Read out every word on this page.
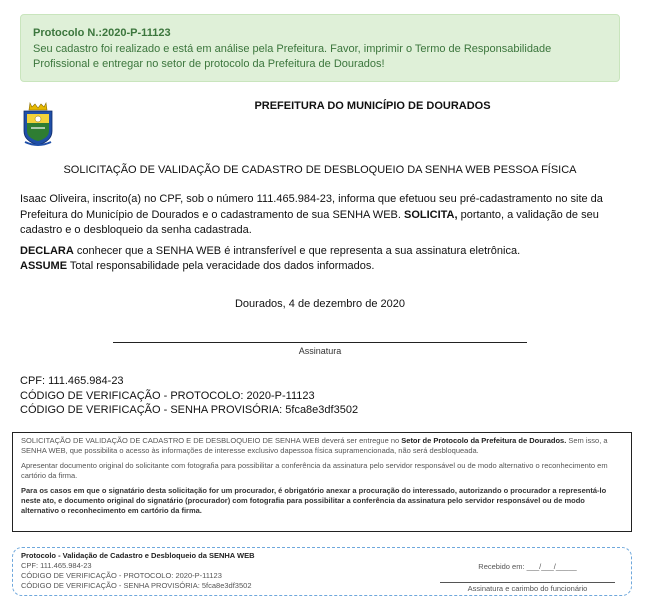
Protocolo N.:2020-P-11123
Seu cadastro foi realizado e está em análise pela Prefeitura. Favor, imprimir o Termo de Responsabilidade Profissional e entregar no setor de protocolo da Prefeitura de Dourados!
PREFEITURA DO MUNICÍPIO DE DOURADOS
SOLICITAÇÃO DE VALIDAÇÃO DE CADASTRO DE DESBLOQUEIO DA SENHA WEB PESSOA FÍSICA
Isaac Oliveira, inscrito(a) no CPF, sob o número 111.465.984-23, informa que efetuou seu pré-cadastramento no site da Prefeitura do Município de Dourados e o cadastramento de sua SENHA WEB. SOLICITA, portanto, a validação de seu cadastro e o desbloqueio da senha cadastrada.
DECLARA conhecer que a SENHA WEB é intransferível e que representa a sua assinatura eletrônica.
ASSUME Total responsabilidade pela veracidade dos dados informados.
Dourados, 4 de dezembro de 2020
Assinatura
CPF: 111.465.984-23
CÓDIGO DE VERIFICAÇÃO - PROTOCOLO: 2020-P-11123
CÓDIGO DE VERIFICAÇÃO - SENHA PROVISÓRIA: 5fca8e3df3502

SOLICITAÇÃO DE VALIDAÇÃO DE CADASTRO E DE DESBLOQUEIO DE SENHA WEB deverá ser entregue no Setor de Protocolo da Prefeitura de Dourados. Sem isso, a SENHA WEB, que possibilita o acesso às informações de interesse exclusivo dapessoa física supramencionada, não será desbloqueada.

Apresentar documento original do solicitante com fotografia para possibilitar a conferência da assinatura pelo servidor responsável ou de modo alternativo o reconhecimento em cartório da firma.

Para os casos em que o signatário desta solicitação for um procurador, é obrigatório anexar a procuração do interessado, autorizando o procurador a representá-lo neste ato, e documento original do signatário (procurador) com fotografia para possibilitar a conferência da assinatura pelo servidor responsável ou de modo alternativo o reconhecimento em cartório da firma.

Protocolo - Validação de Cadastro e Desbloqueio da SENHA WEB
CPF: 111.465.984-23
CÓDIGO DE VERIFICAÇÃO - PROTOCOLO: 2020-P-11123
CÓDIGO DE VERIFICAÇÃO - SENHA PROVISÓRIA: 5fca8e3df3502
Recebido em: ___/___/_____
Assinatura e carimbo do funcionário
